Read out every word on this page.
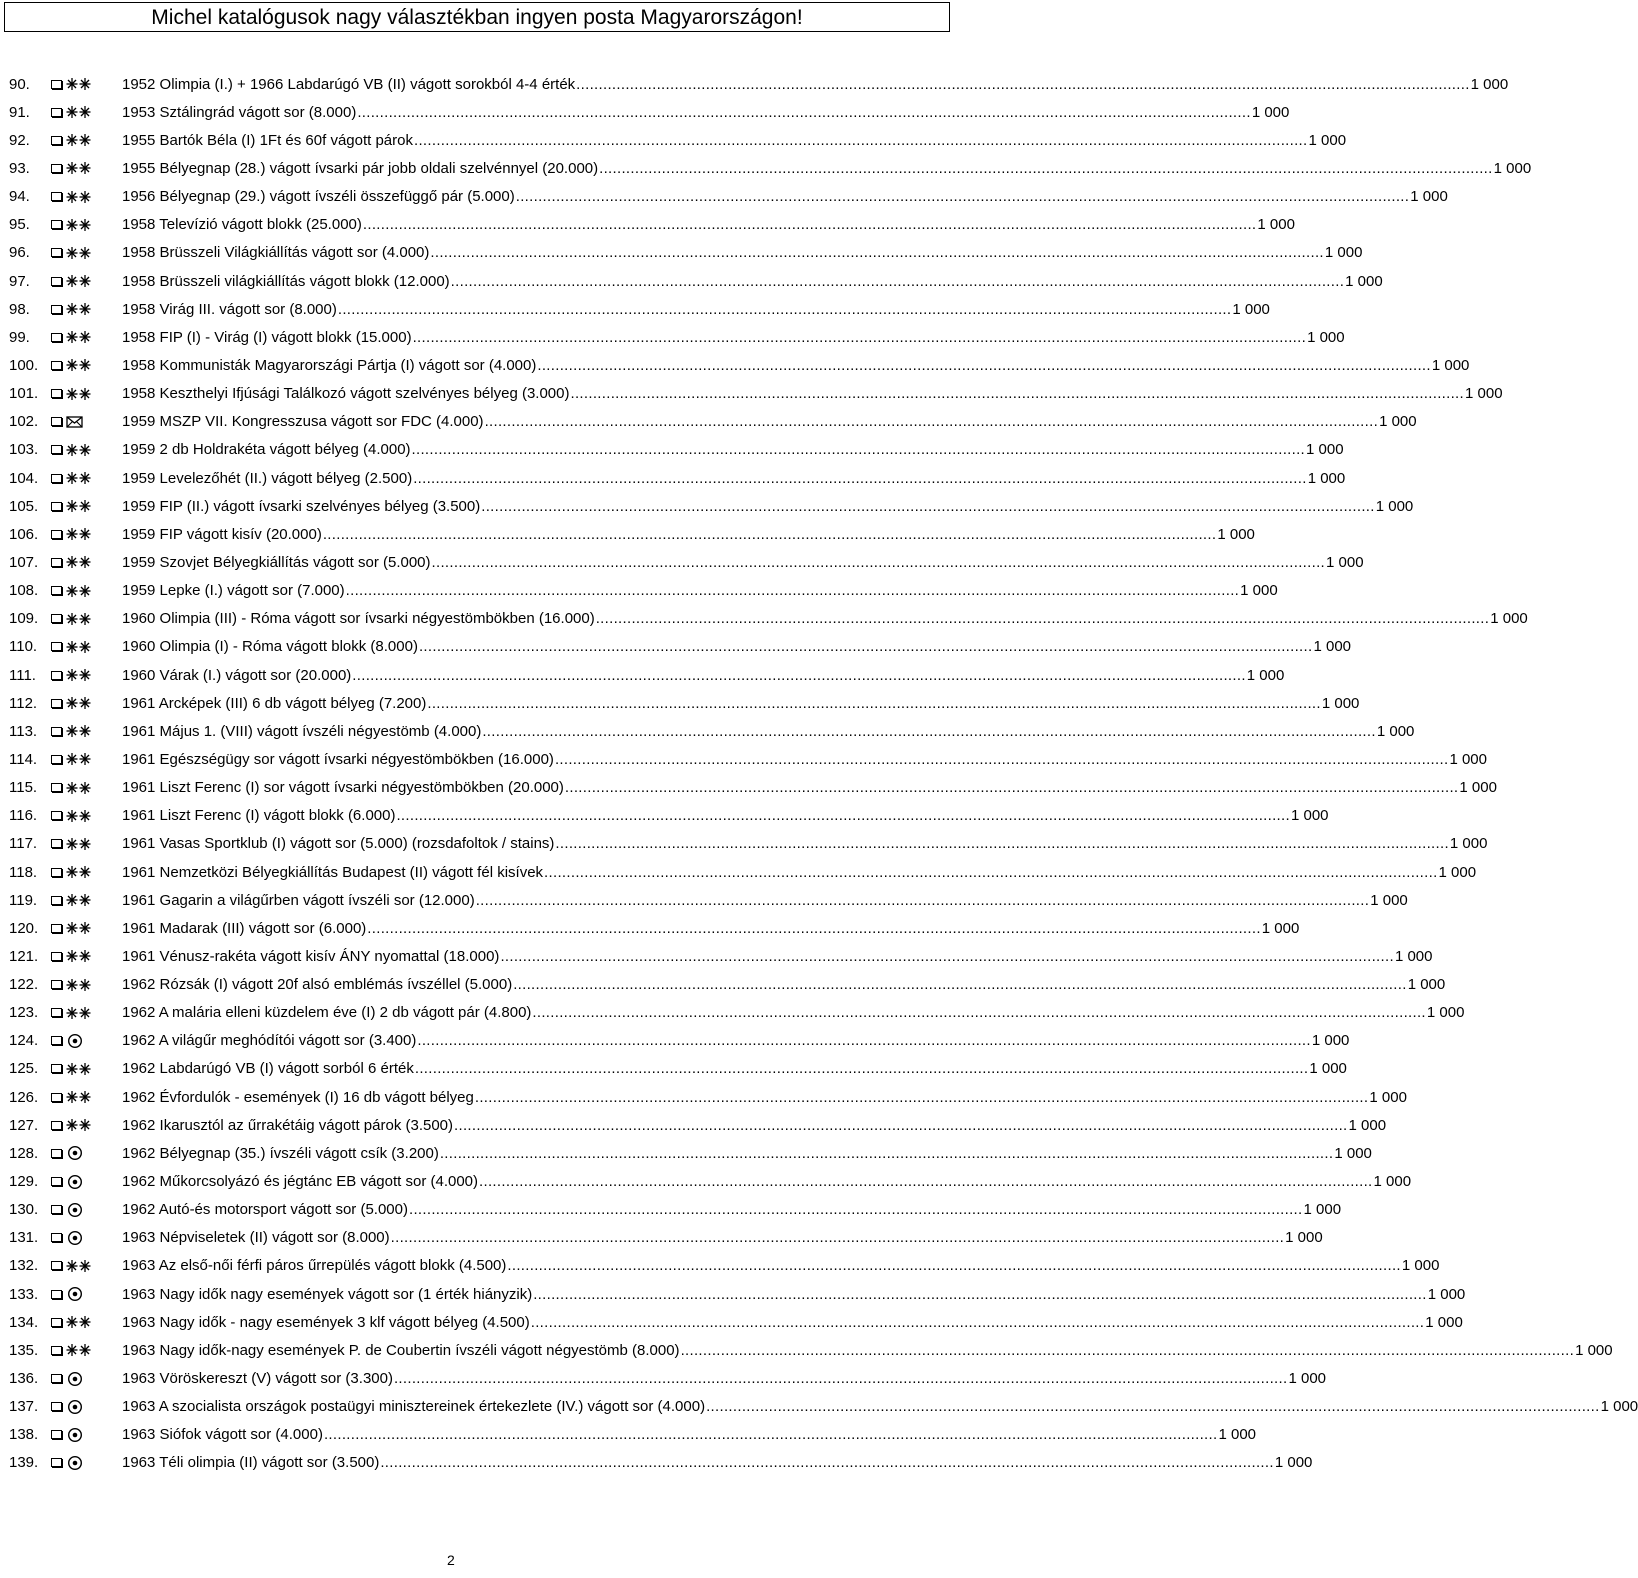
Michel katalógusok nagy választékban ingyen posta Magyarországon!
90.	1952 Olimpia (I.) + 1966 Labdarúgó VB (II) vágott sorokból 4-4 érték ........................................................................................................................................................................................................ 1 000
91.	1953 Sztálingrád vágott sor (8.000) ........................................................................................................................................................................................................ 1 000
92.	1955 Bartók Béla (I) 1Ft és 60f vágott párok ........................................................................................................................................................................................................ 1 000
93.	1955 Bélyegnap (28.) vágott ívsarki pár jobb oldali szelvénnyel (20.000) ........................................................................................................................................................................................................ 1 000
94.	1956 Bélyegnap (29.) vágott ívszéli összefüggő pár (5.000) ........................................................................................................................................................................................................ 1 000
95.	1958 Televízió vágott blokk (25.000) ........................................................................................................................................................................................................ 1 000
96.	1958 Brüsszeli Világkiállítás vágott sor (4.000) ........................................................................................................................................................................................................ 1 000
97.	1958 Brüsszeli világkiállítás vágott blokk (12.000) ........................................................................................................................................................................................................ 1 000
98.	1958 Virág III. vágott sor (8.000) ........................................................................................................................................................................................................ 1 000
99.	1958 FIP (I) - Virág (I) vágott blokk (15.000) ........................................................................................................................................................................................................ 1 000
100.	1958 Kommunisták Magyarországi Pártja (I) vágott sor (4.000) ........................................................................................................................................................................................................ 1 000
101.	1958 Keszthelyi Ifjúsági Találkozó vágott szelvényes bélyeg (3.000) ........................................................................................................................................................................................................ 1 000
102.	1959 MSZP VII. Kongresszusa vágott sor FDC (4.000) ........................................................................................................................................................................................................ 1 000
103.	1959 2 db Holdrakéta vágott bélyeg (4.000) ........................................................................................................................................................................................................ 1 000
104.	1959 Levelezőhét (II.) vágott bélyeg (2.500) ........................................................................................................................................................................................................ 1 000
105.	1959 FIP (II.) vágott ívsarki szelvényes bélyeg (3.500) ........................................................................................................................................................................................................ 1 000
106.	1959 FIP vágott kisív (20.000) ........................................................................................................................................................................................................ 1 000
107.	1959 Szovjet Bélyegkiállítás vágott sor (5.000) ........................................................................................................................................................................................................ 1 000
108.	1959 Lepke (I.) vágott sor (7.000) ........................................................................................................................................................................................................ 1 000
109.	1960 Olimpia (III) - Róma vágott sor ívsarki négyestömbökben (16.000) ........................................................................................................................................................................................................ 1 000
110.	1960 Olimpia (I) - Róma vágott blokk (8.000) ........................................................................................................................................................................................................ 1 000
111.	1960 Várak (I.) vágott sor (20.000) ........................................................................................................................................................................................................ 1 000
112.	1961 Arcképek (III) 6 db vágott bélyeg (7.200) ........................................................................................................................................................................................................ 1 000
113.	1961 Május 1. (VIII) vágott ívszéli négyestömb (4.000) ........................................................................................................................................................................................................ 1 000
114.	1961 Egészségügy sor vágott ívsarki négyestömbökben (16.000) ........................................................................................................................................................................................................ 1 000
115.	1961 Liszt Ferenc (I) sor vágott ívsarki négyestömbökben (20.000) ........................................................................................................................................................................................................ 1 000
116.	1961 Liszt Ferenc (I) vágott blokk (6.000) ........................................................................................................................................................................................................ 1 000
117.	1961 Vasas Sportklub (I) vágott sor (5.000) (rozsdafoltok / stains) ........................................................................................................................................................................................................ 1 000
118.	1961 Nemzetközi Bélyegkiállítás Budapest (II) vágott fél kisívek ........................................................................................................................................................................................................ 1 000
119.	1961 Gagarin a világűrben vágott ívszéli sor (12.000) ........................................................................................................................................................................................................ 1 000
120.	1961 Madarak (III) vágott sor (6.000) ........................................................................................................................................................................................................ 1 000
121.	1961 Vénusz-rakéta vágott kisív ÁNY nyomattal (18.000) ........................................................................................................................................................................................................ 1 000
122.	1962 Rózsák (I) vágott 20f alsó emblémás ívszéllel (5.000) ........................................................................................................................................................................................................ 1 000
123.	1962 A malária elleni küzdelem éve (I) 2 db vágott pár (4.800) ........................................................................................................................................................................................................ 1 000
124.	1962 A világűr meghódítói vágott sor (3.400) ........................................................................................................................................................................................................ 1 000
125.	1962 Labdarúgó VB (I) vágott sorból 6 érték ........................................................................................................................................................................................................ 1 000
126.	1962 Évfordulók - események (I) 16 db vágott bélyeg ........................................................................................................................................................................................................ 1 000
127.	1962 Ikarusztól az űrrakétáig vágott párok (3.500) ........................................................................................................................................................................................................ 1 000
128.	1962 Bélyegnap (35.) ívszéli vágott csík (3.200) ........................................................................................................................................................................................................ 1 000
129.	1962 Műkorcsolyázó és jégtánc EB vágott sor (4.000) ........................................................................................................................................................................................................ 1 000
130.	1962 Autó-és motorsport vágott sor (5.000) ........................................................................................................................................................................................................ 1 000
131.	1963 Népviseletek (II) vágott sor (8.000) ........................................................................................................................................................................................................ 1 000
132.	1963 Az első-női férfi páros űrrepülés vágott blokk (4.500) ........................................................................................................................................................................................................ 1 000
133.	1963 Nagy idők nagy események vágott sor (1 érték hiányzik) ........................................................................................................................................................................................................ 1 000
134.	1963 Nagy idők - nagy események 3 klf vágott bélyeg (4.500) ........................................................................................................................................................................................................ 1 000
135.	1963 Nagy idők-nagy események P. de Coubertin ívszéli vágott négyestömb (8.000) ........................................................................................................................................................................................................ 1 000
136.	1963 Vöröskereszt (V) vágott sor (3.300) ........................................................................................................................................................................................................ 1 000
137.	1963 A szocialista országok postaügyi minisztereinek értekezlete (IV.) vágott sor (4.000) ........................................................................................................................................................................................................ 1 000
138.	1963 Siófok vágott sor (4.000) ........................................................................................................................................................................................................ 1 000
139.	1963 Téli olimpia (II) vágott sor (3.500) ........................................................................................................................................................................................................ 1 000
2
